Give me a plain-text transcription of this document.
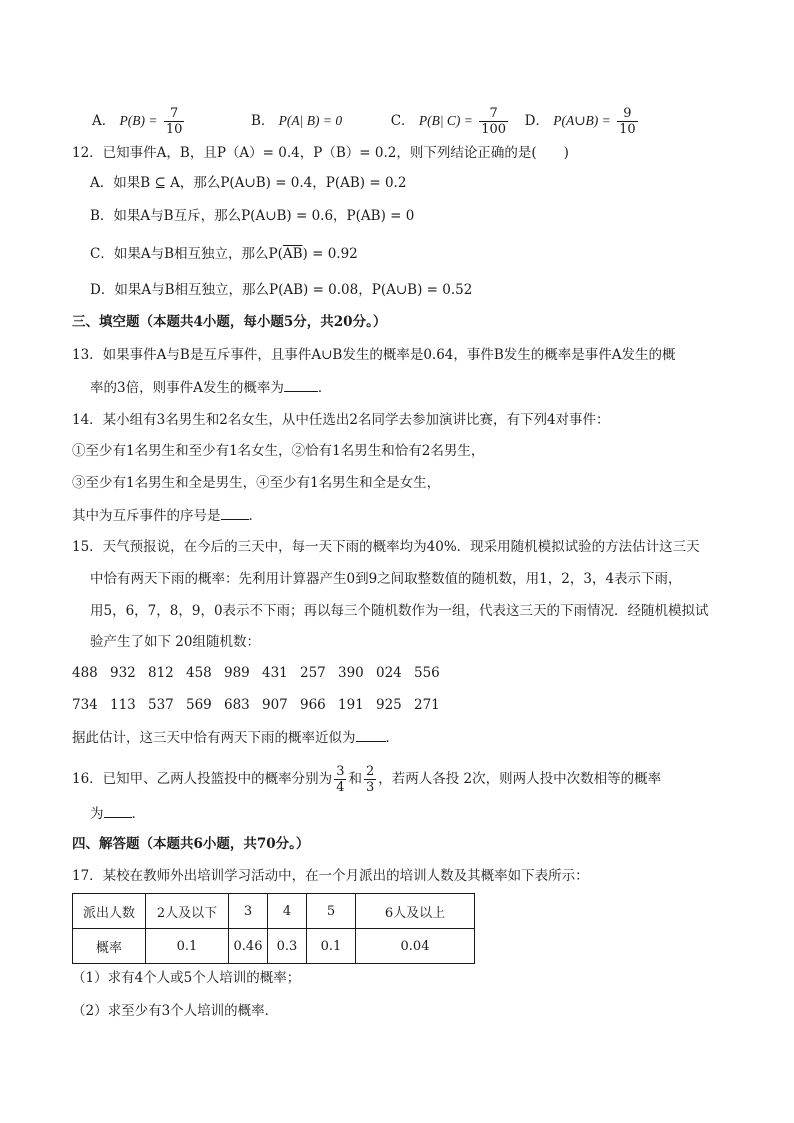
A． $P(B) = \frac{7}{10}$	B． P(A| B) = 0	C． P(B| $C) = \frac{7}{100}$ D． P(A∪B) = $\frac{9}{10}$
12．已知事件A，B，且P（A）= 0.4，P（B）= 0.2，则下列结论正确的是(　　)
A．如果B ⊆ A，那么P(A∪B) = 0.4，P(AB) = 0.2
B．如果A与B互斥，那么P(A∪B) = 0.6，P(AB) = 0
C．如果A与B相互独立，那么$P(\overline{AB}) = 0.92$
D．如果A与B相互独立，那么P(AB) = 0.08，P(A∪B) = 0.52
三、填空题（本题共4小题，每小题5分，共20分。）
13．如果事件A与B是互斥事件，且事件A∪B发生的概率是0.64，事件B发生的概率是事件A发生的概
率的3倍，则事件A发生的概率为	．
14．某小组有3名男生和2名女生，从中任选出2名同学去参加演讲比赛，有下列4对事件：
①至少有1名男生和至少有1名女生，②恰有1名男生和恰有2名男生，
③至少有1名男生和全是男生，④至少有1名男生和全是女生，
其中为互斥事件的序号是 ．
15．天气预报说，在今后的三天中，每一天下雨的概率均为40%．现采用随机模拟试验的方法估计这三天
中恰有两天下雨的概率：先利用计算器产生0到9之间取整数值的随机数，用1，2，3，4表示下雨，
用5，6，7，8，9，0表示不下雨；再以每三个随机数作为一组，代表这三天的下雨情况．经随机模拟试
验产生了如下 20组随机数：
488 932 812 458 989 431 257 390 024 556
734 113 537 569 683 907 966 191 925 271
据此估计，这三天中恰有两天下雨的概率近似为 ．
16．已知甲、乙两人投篮投中的概率分别为 $\frac{3}{4}$ 和 $\frac{2}{3}$ ，若两人各投 2次，则两人投中次数相等的概率
为 ．
四、解答题（本题共6小题，共70分。）
17．某校在教师外出培训学习活动中，在一个月派出的培训人数及其概率如下表所示：
派出人数	2人及以下	3	4	5	6人及以上
概率	0.1	0.46	0.3	0.1	0.04
（1）求有4个人或5个人培训的概率；
（2）求至少有3个人培训的概率．
